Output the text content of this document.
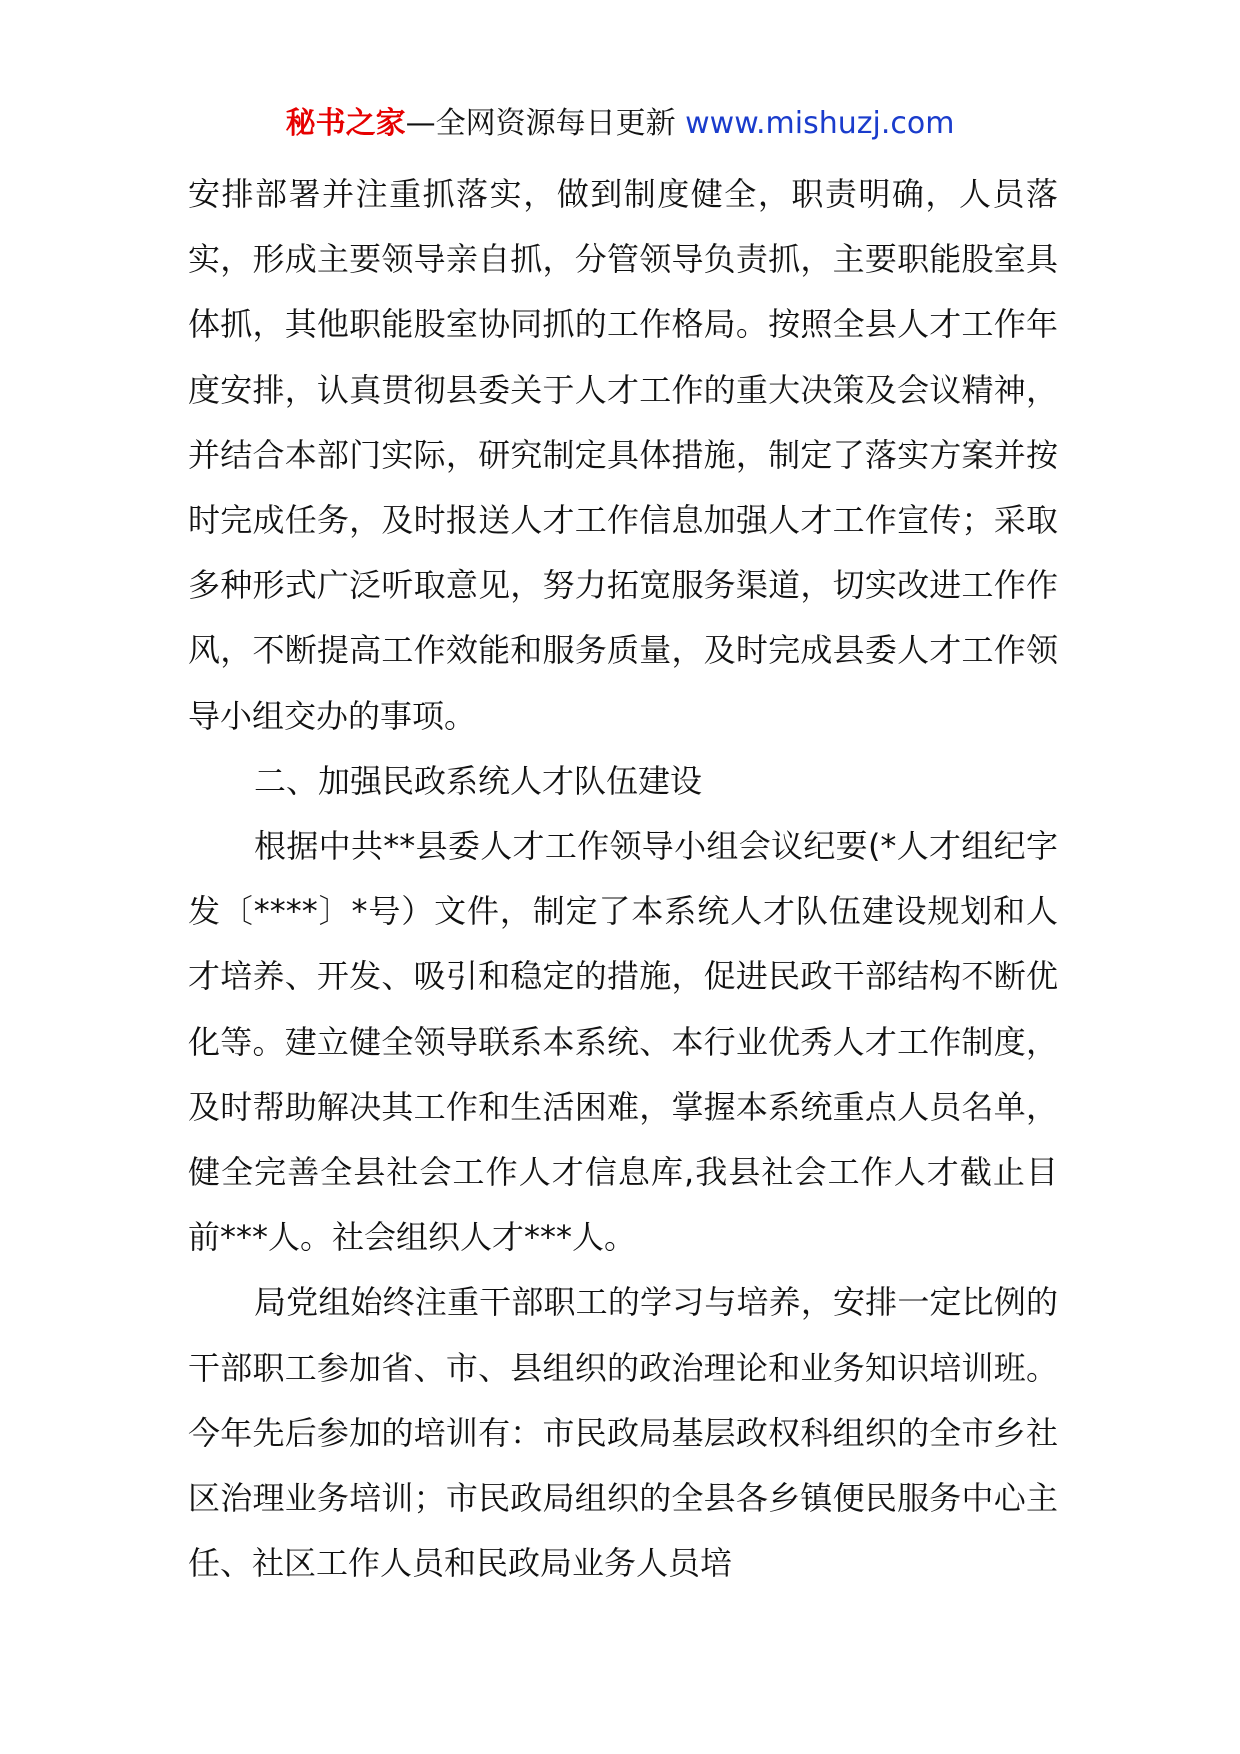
秘书之家—全网资源每日更新 www.mishuzj.com

安排部署并注重抓落实，做到制度健全，职责明确，人员落实，形成主要领导亲自抓，分管领导负责抓，主要职能股室具体抓，其他职能股室协同抓的工作格局。按照全县人才工作年度安排，认真贯彻县委关于人才工作的重大决策及会议精神，并结合本部门实际，研究制定具体措施，制定了落实方案并按时完成任务，及时报送人才工作信息加强人才工作宣传；采取多种形式广泛听取意见，努力拓宽服务渠道，切实改进工作作风，不断提高工作效能和服务质量，及时完成县委人才工作领导小组交办的事项。

二、加强民政系统人才队伍建设

根据中共**县委人才工作领导小组会议纪要(*人才组纪字发〔****〕*号）文件，制定了本系统人才队伍建设规划和人才培养、开发、吸引和稳定的措施，促进民政干部结构不断优化等。建立健全领导联系本系统、本行业优秀人才工作制度，及时帮助解决其工作和生活困难，掌握本系统重点人员名单，健全完善全县社会工作人才信息库,我县社会工作人才截止目前***人。社会组织人才***人。

局党组始终注重干部职工的学习与培养，安排一定比例的干部职工参加省、市、县组织的政治理论和业务知识培训班。今年先后参加的培训有：市民政局基层政权科组织的全市乡社区治理业务培训；市民政局组织的全县各乡镇便民服务中心主任、社区工作人员和民政局业务人员培
